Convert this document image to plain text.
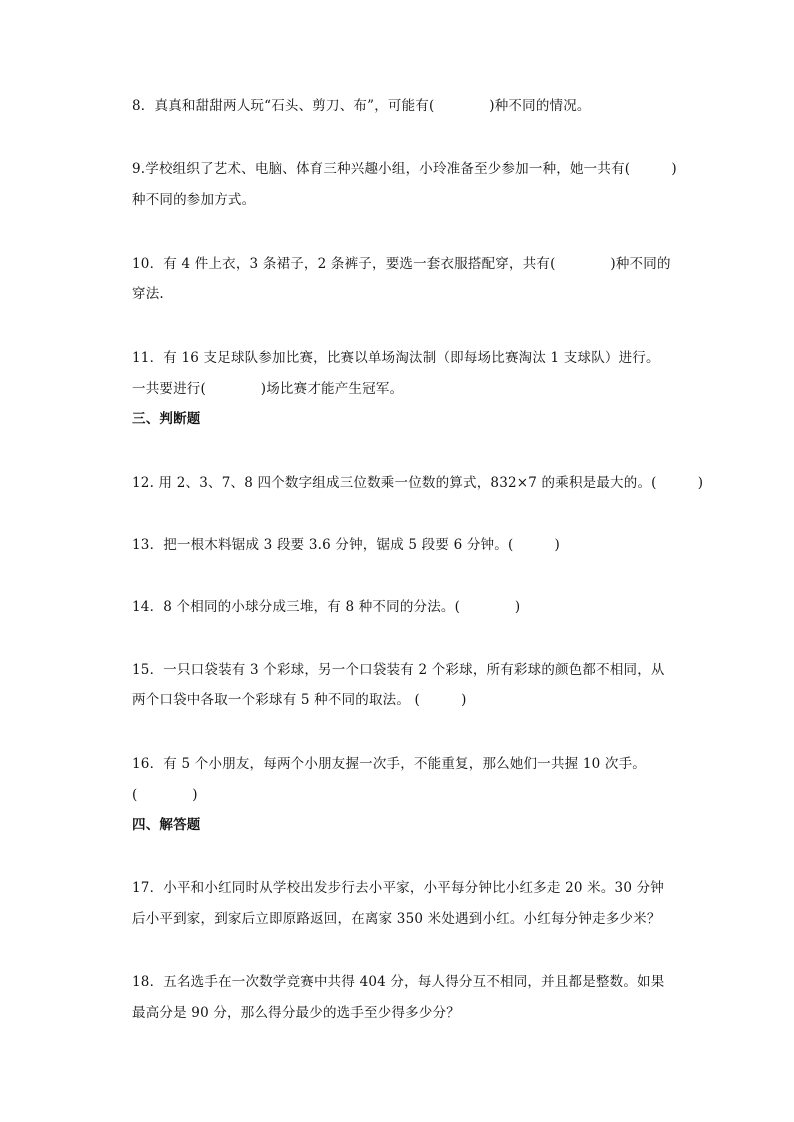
8．真真和甜甜两人玩“石头、剪刀、布”，可能有(　　　　)种不同的情况。
9.学校组织了艺术、电脑、体育三种兴趣小组，小玲准备至少参加一种，她一共有(　　　)
种不同的参加方式。
10．有 4 件上衣，3 条裙子，2 条裤子，要选一套衣服搭配穿，共有(　　　　)种不同的
穿法.
11．有 16 支足球队参加比赛，比赛以单场淘汰制（即每场比赛淘汰 1 支球队）进行。
一共要进行(　　　　)场比赛才能产生冠军。
三、判断题
12. 用 2、3、7、8 四个数字组成三位数乘一位数的算式，832×7 的乘积是最大的。(　　　)
13．把一根木料锯成 3 段要 3.6 分钟，锯成 5 段要 6 分钟。(　　　)
14．8 个相同的小球分成三堆，有 8 种不同的分法。(　　　　)
15．一只口袋装有 3 个彩球，另一个口袋装有 2 个彩球，所有彩球的颜色都不相同，从
两个口袋中各取一个彩球有 5 种不同的取法。 (　　　)
16．有 5 个小朋友，每两个小朋友握一次手，不能重复，那么她们一共握 10 次手。
(　　　　)
四、解答题
17．小平和小红同时从学校出发步行去小平家，小平每分钟比小红多走 20 米。30 分钟
后小平到家，到家后立即原路返回，在离家 350 米处遇到小红。小红每分钟走多少米？
18．五名选手在一次数学竞赛中共得 404 分，每人得分互不相同，并且都是整数。如果
最高分是 90 分，那么得分最少的选手至少得多少分？
